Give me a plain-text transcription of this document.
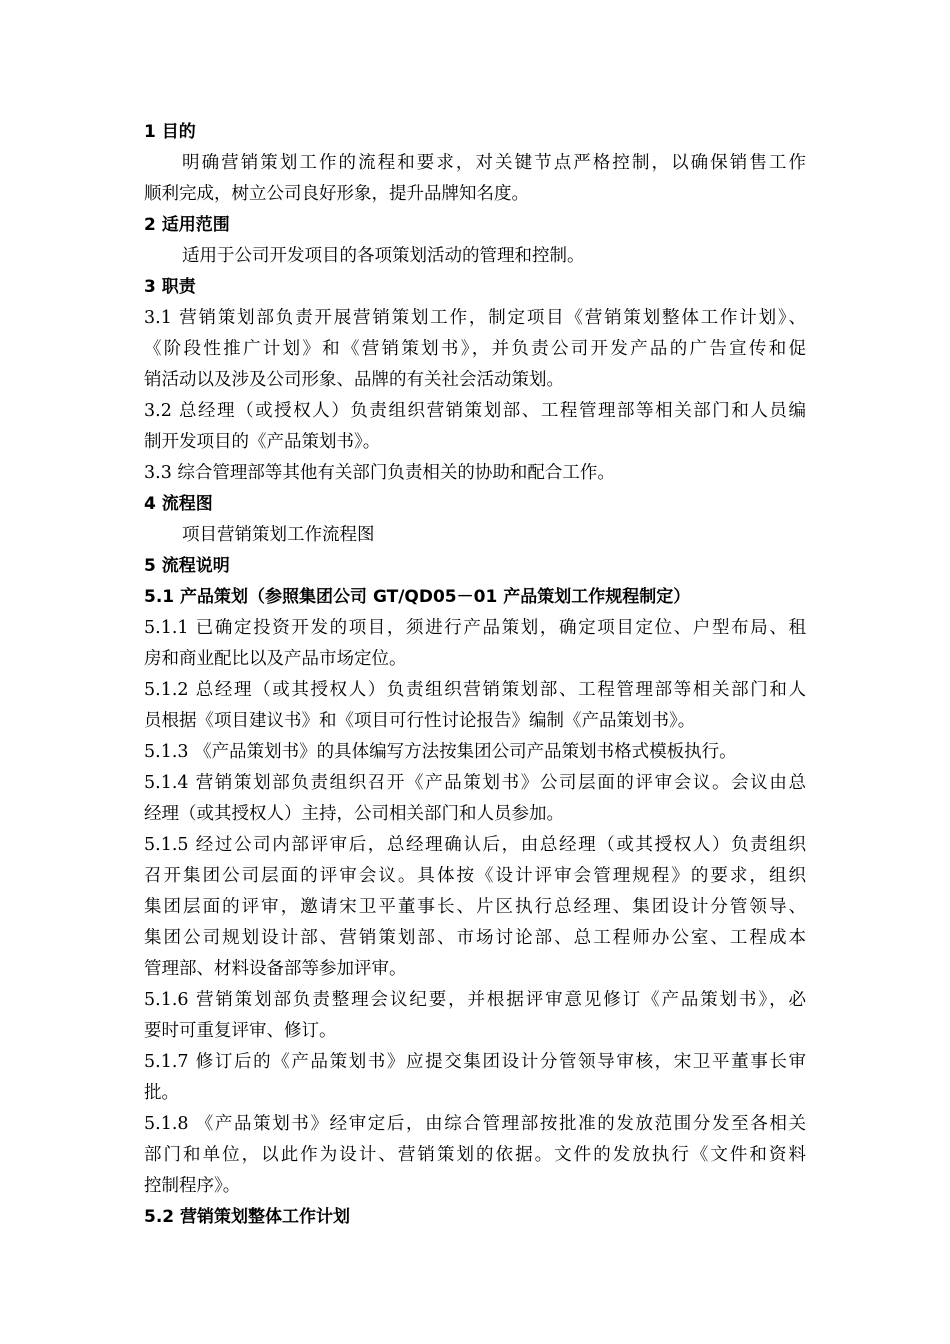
1 目的
明确营销策划工作的流程和要求，对关键节点严格控制，以确保销售工作
顺利完成，树立公司良好形象，提升品牌知名度。
2 适用范围
适用于公司开发项目的各项策划活动的管理和控制。
3 职责
3.1 营销策划部负责开展营销策划工作，制定项目《营销策划整体工作计划》、
《阶段性推广计划》和《营销策划书》，并负责公司开发产品的广告宣传和促
销活动以及涉及公司形象、品牌的有关社会活动策划。
3.2 总经理（或授权人）负责组织营销策划部、工程管理部等相关部门和人员编
制开发项目的《产品策划书》。
3.3 综合管理部等其他有关部门负责相关的协助和配合工作。
4 流程图
项目营销策划工作流程图
5 流程说明
5.1 产品策划（参照集团公司 GT/QD05－01 产品策划工作规程制定）
5.1.1 已确定投资开发的项目，须进行产品策划，确定项目定位、户型布局、租
房和商业配比以及产品市场定位。
5.1.2 总经理（或其授权人）负责组织营销策划部、工程管理部等相关部门和人
员根据《项目建议书》和《项目可行性讨论报告》编制《产品策划书》。
5.1.3 《产品策划书》的具体编写方法按集团公司产品策划书格式模板执行。
5.1.4 营销策划部负责组织召开《产品策划书》公司层面的评审会议。会议由总
经理（或其授权人）主持，公司相关部门和人员参加。
5.1.5 经过公司内部评审后，总经理确认后，由总经理（或其授权人）负责组织
召开集团公司层面的评审会议。具体按《设计评审会管理规程》的要求，组织
集团层面的评审，邀请宋卫平董事长、片区执行总经理、集团设计分管领导、
集团公司规划设计部、营销策划部、市场讨论部、总工程师办公室、工程成本
管理部、材料设备部等参加评审。
5.1.6 营销策划部负责整理会议纪要，并根据评审意见修订《产品策划书》，必
要时可重复评审、修订。
5.1.7 修订后的《产品策划书》应提交集团设计分管领导审核，宋卫平董事长审
批。
5.1.8 《产品策划书》经审定后，由综合管理部按批准的发放范围分发至各相关
部门和单位，以此作为设计、营销策划的依据。文件的发放执行《文件和资料
控制程序》。
5.2 营销策划整体工作计划
